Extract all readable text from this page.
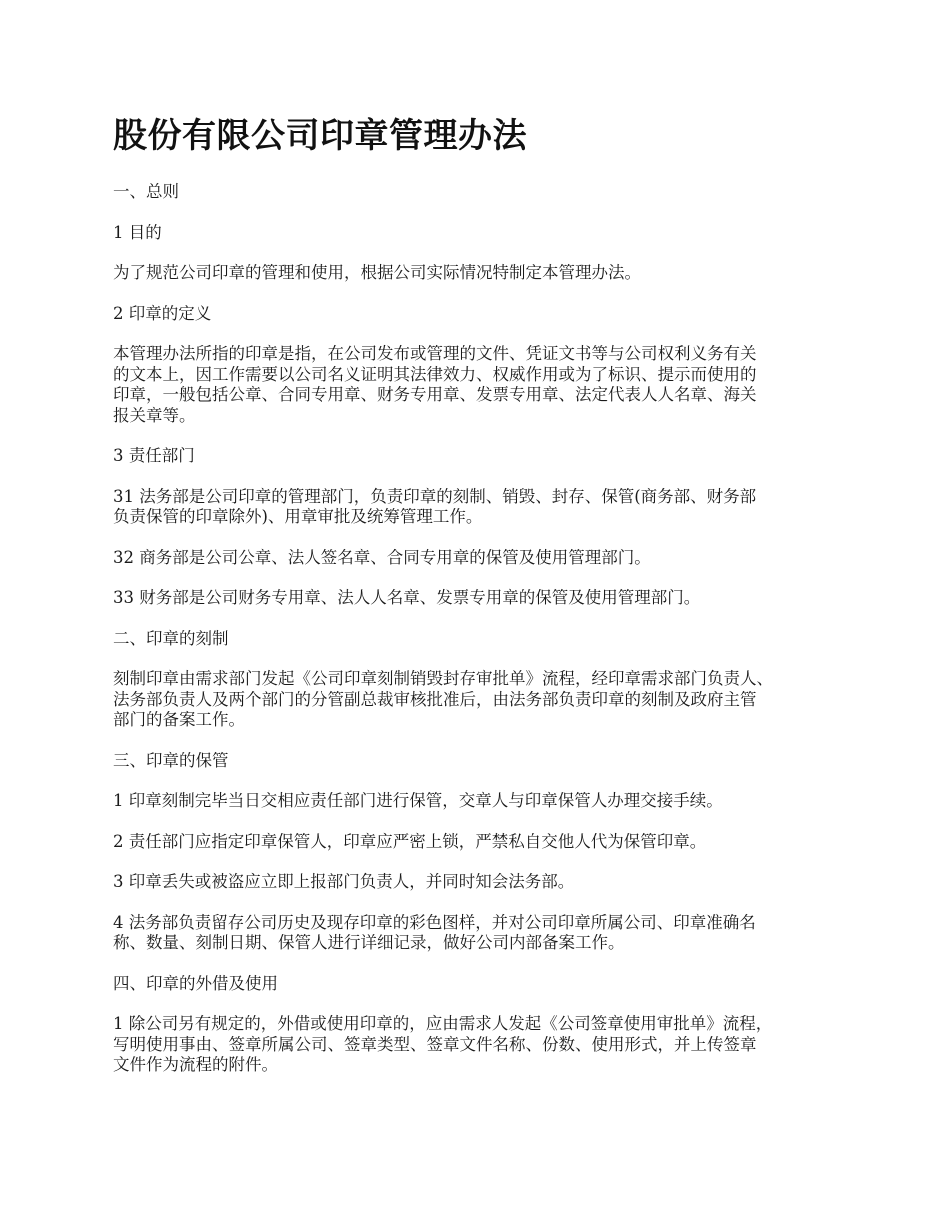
股份有限公司印章管理办法

一、总则

1 目的

为了规范公司印章的管理和使用，根据公司实际情况特制定本管理办法。

2 印章的定义

本管理办法所指的印章是指，在公司发布或管理的文件、凭证文书等与公司权利义务有关
的文本上，因工作需要以公司名义证明其法律效力、权威作用或为了标识、提示而使用的
印章，一般包括公章、合同专用章、财务专用章、发票专用章、法定代表人人名章、海关
报关章等。

3 责任部门

31 法务部是公司印章的管理部门，负责印章的刻制、销毁、封存、保管(商务部、财务部
负责保管的印章除外)、用章审批及统筹管理工作。

32 商务部是公司公章、法人签名章、合同专用章的保管及使用管理部门。

33 财务部是公司财务专用章、法人人名章、发票专用章的保管及使用管理部门。

二、印章的刻制

刻制印章由需求部门发起《公司印章刻制销毁封存审批单》流程，经印章需求部门负责人、
法务部负责人及两个部门的分管副总裁审核批准后，由法务部负责印章的刻制及政府主管
部门的备案工作。

三、印章的保管

1 印章刻制完毕当日交相应责任部门进行保管，交章人与印章保管人办理交接手续。

2 责任部门应指定印章保管人，印章应严密上锁，严禁私自交他人代为保管印章。

3 印章丢失或被盗应立即上报部门负责人，并同时知会法务部。

4 法务部负责留存公司历史及现存印章的彩色图样，并对公司印章所属公司、印章准确名
称、数量、刻制日期、保管人进行详细记录，做好公司内部备案工作。

四、印章的外借及使用

1 除公司另有规定的，外借或使用印章的，应由需求人发起《公司签章使用审批单》流程，
写明使用事由、签章所属公司、签章类型、签章文件名称、份数、使用形式，并上传签章
文件作为流程的附件。
